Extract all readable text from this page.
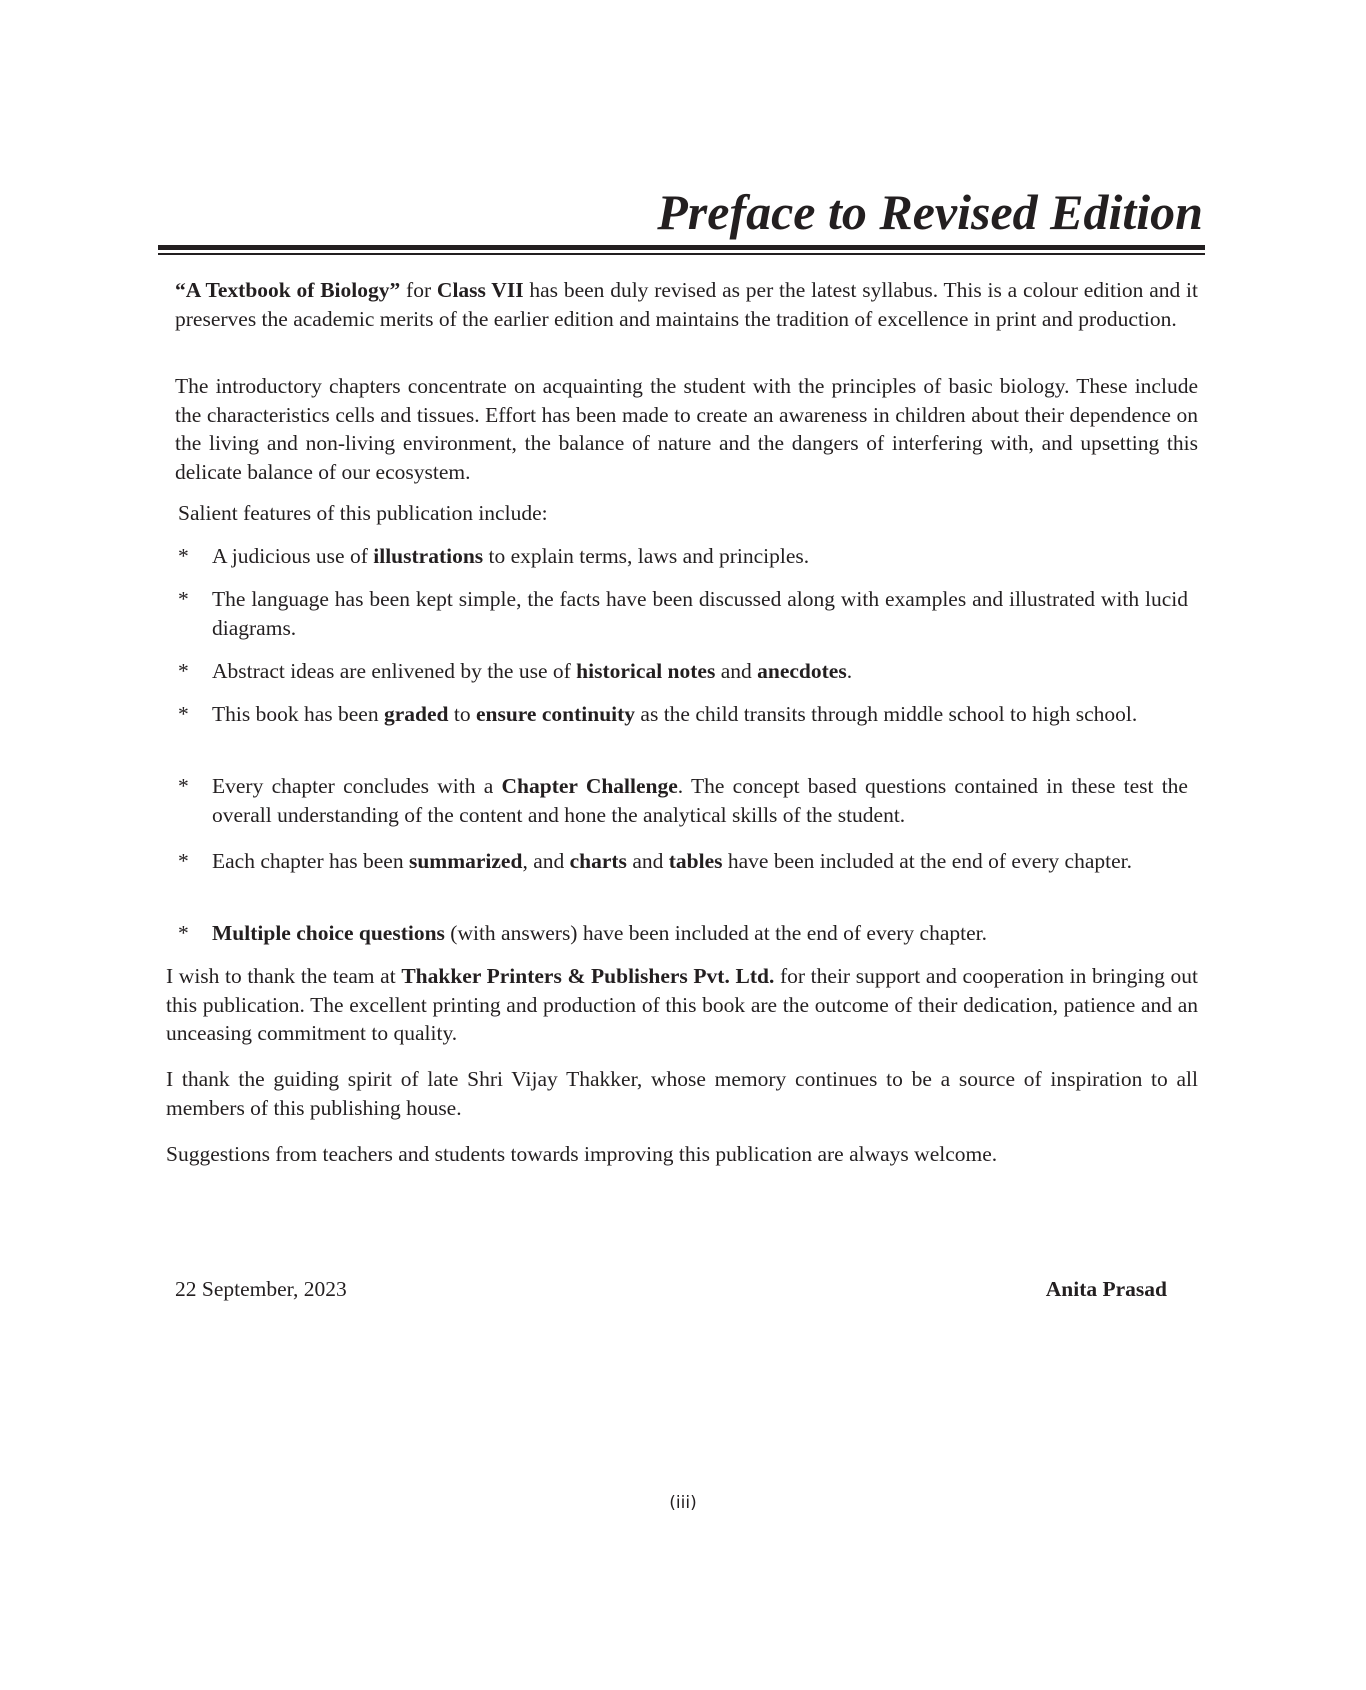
Preface to Revised Edition

“A Textbook of Biology” for Class VII has been duly revised as per the latest syllabus. This is a colour edition and it preserves the academic merits of the earlier edition and maintains the tradition of excellence in print and production.

The introductory chapters concentrate on acquainting the student with the principles of basic biology. These include the characteristics cells and tissues. Effort has been made to create an awareness in children about their dependence on the living and non-living environment, the balance of nature and the dangers of interfering with, and upsetting this delicate balance of our ecosystem.

Salient features of this publication include:

*	A judicious use of illustrations to explain terms, laws and principles.

*	The language has been kept simple, the facts have been discussed along with examples and illustrated with lucid diagrams.

*	Abstract ideas are enlivened by the use of historical notes and anecdotes.

*	This book has been graded to ensure continuity as the child transits through middle school to high school.

*	Every chapter concludes with a Chapter Challenge. The concept based questions contained in these test the overall understanding of the content and hone the analytical skills of the student.

*	Each chapter has been summarized, and charts and tables have been included at the end of every chapter.

*	Multiple choice questions (with answers) have been included at the end of every chapter.

I wish to thank the team at Thakker Printers & Publishers Pvt. Ltd. for their support and cooperation in bringing out this publication. The excellent printing and production of this book are the outcome of their dedication, patience and an unceasing commitment to quality.

I thank the guiding spirit of late Shri Vijay Thakker, whose memory continues to be a source of inspiration to all members of this publishing house.

Suggestions from teachers and students towards improving this publication are always welcome.

22 September, 2023	Anita Prasad

(iii)
